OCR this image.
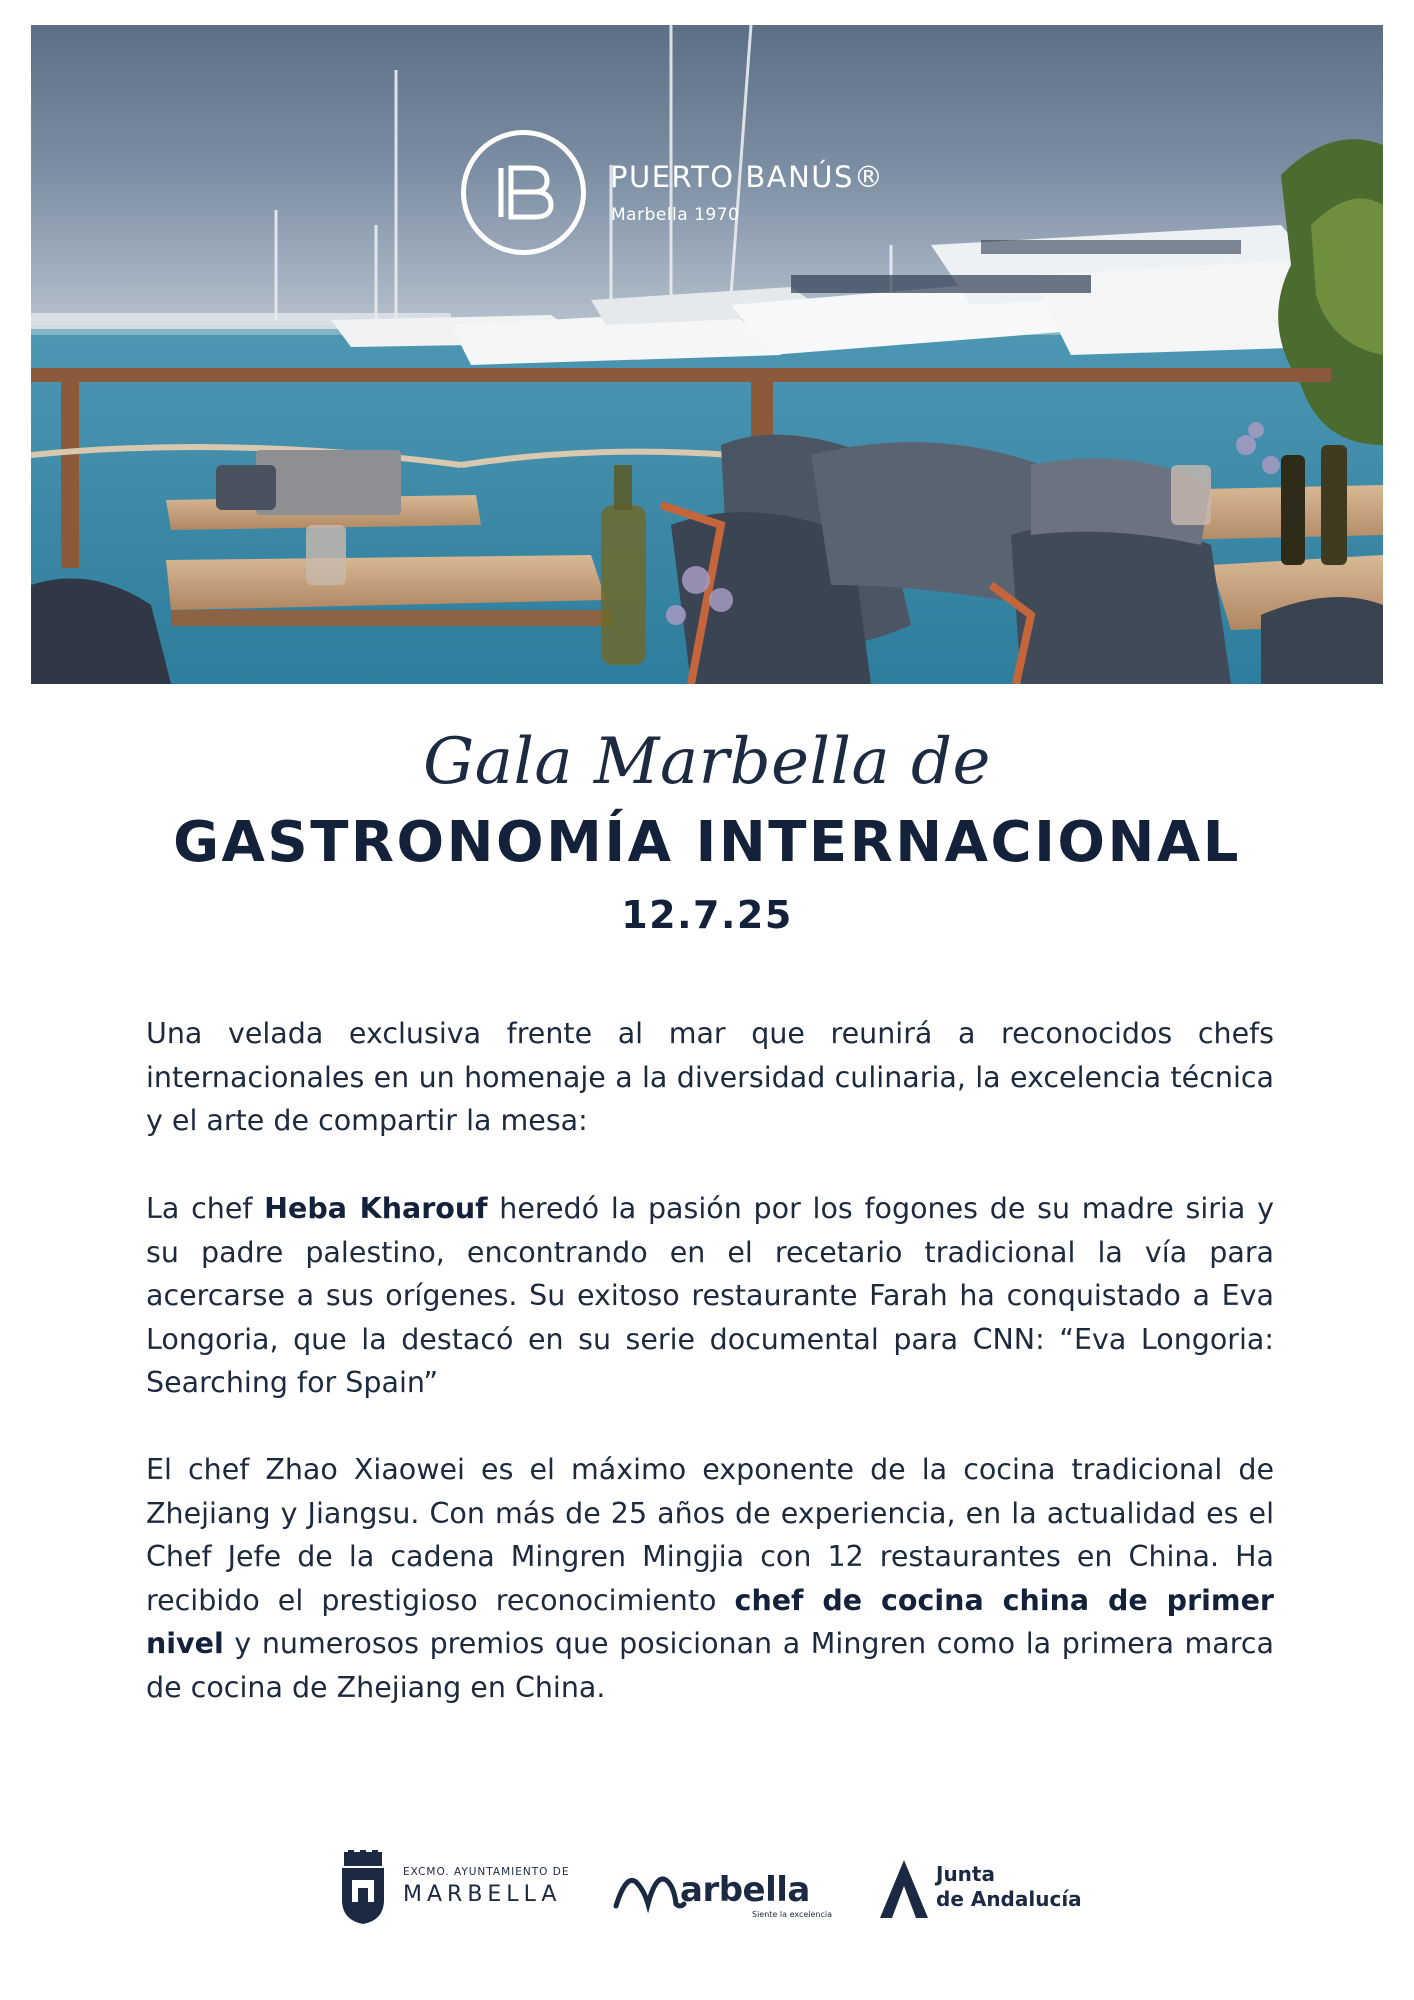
PUERTO BANÚS®
Marbella 1970
Gala Marbella de
GASTRONOMÍA INTERNACIONAL
12.7.25

Una velada exclusiva frente al mar que reunirá a reconocidos chefs internacionales en un homenaje a la diversidad culinaria, la excelencia técnica y el arte de compartir la mesa:

La chef Heba Kharouf heredó la pasión por los fogones de su madre siria y su padre palestino, encontrando en el recetario tradicional la vía para acercarse a sus orígenes. Su exitoso restaurante Farah ha conquistado a Eva Longoria, que la destacó en su serie documental para CNN: “Eva Longoria: Searching for Spain”

El chef Zhao Xiaowei es el máximo exponente de la cocina tradicional de Zhejiang y Jiangsu. Con más de 25 años de experiencia, en la actualidad es el Chef Jefe de la cadena Mingren Mingjia con 12 restaurantes en China. Ha recibido el prestigioso reconocimiento chef de cocina china de primer nivel y numerosos premios que posicionan a Mingren como la primera marca de cocina de Zhejiang en China.

EXCMO. AYUNTAMIENTO DE
MARBELLA	arbella
Siente la excelencia
Junta
de Andalucía
